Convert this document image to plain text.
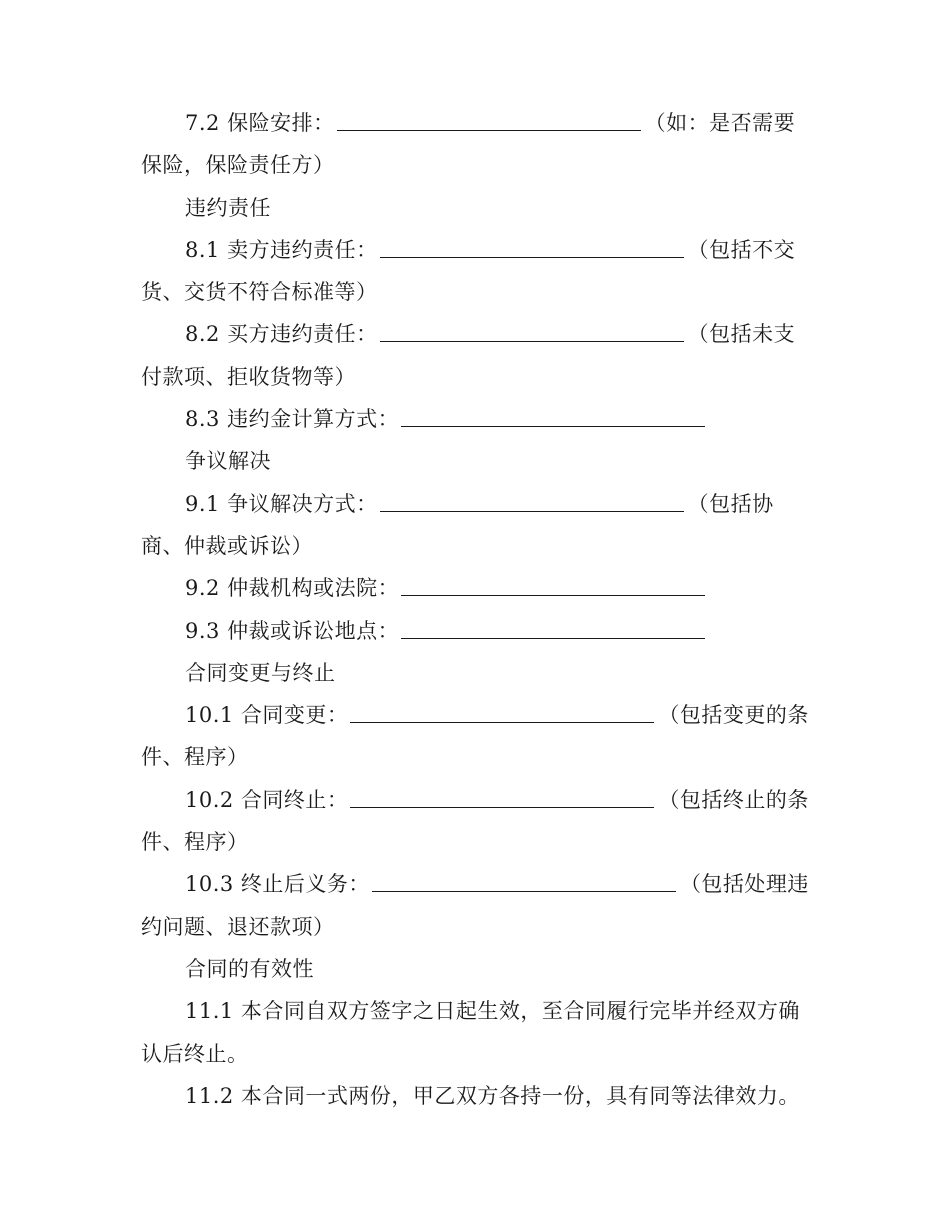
7.2 保险安排：	（如：是否需要
保险，保险责任方）
违约责任
8.1 卖方违约责任：	（包括不交
货、交货不符合标准等）
8.2 买方违约责任：	（包括未支
付款项、拒收货物等）
8.3 违约金计算方式：
争议解决
9.1 争议解决方式：	（包括协
商、仲裁或诉讼）
9.2 仲裁机构或法院：
9.3 仲裁或诉讼地点：
合同变更与终止
10.1 合同变更：	（包括变更的条
件、程序）
10.2 合同终止：	（包括终止的条
件、程序）
10.3 终止后义务：	（包括处理违
约问题、退还款项）
合同的有效性
11.1 本合同自双方签字之日起生效，至合同履行完毕并经双方确
认后终止。
11.2 本合同一式两份，甲乙双方各持一份，具有同等法律效力。
